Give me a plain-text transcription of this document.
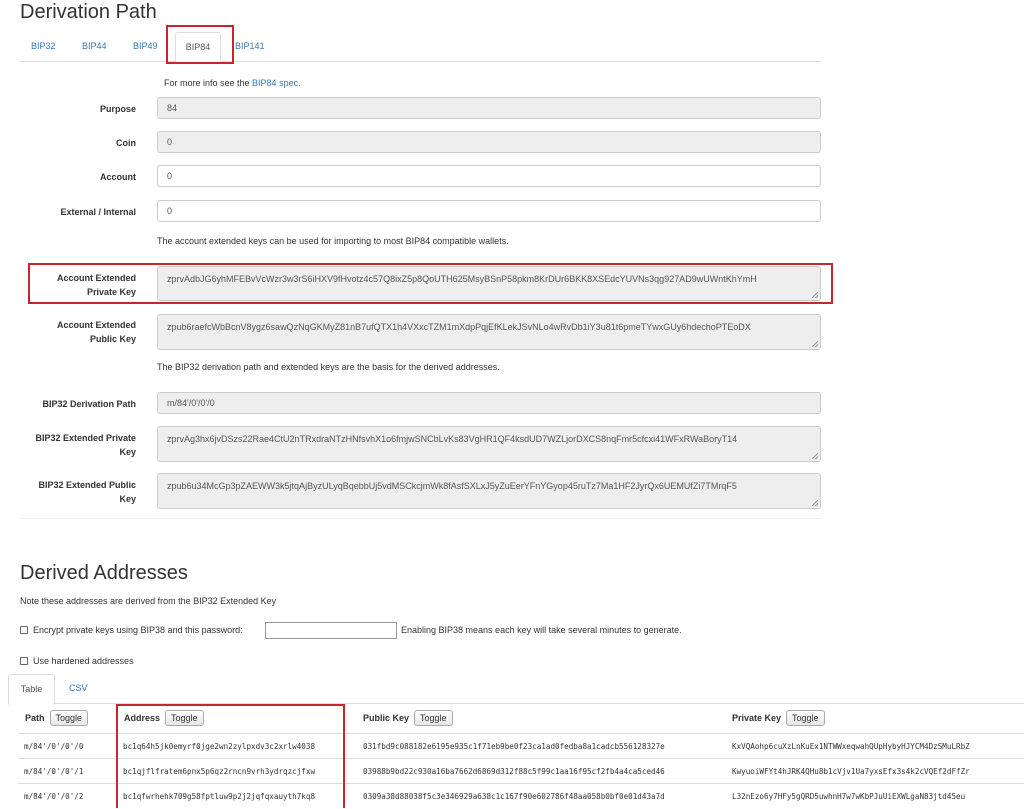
Derivation Path
BIP32	BIP44	BIP49	BIP84	BIP141
For more info see the BIP84 spec.
Purpose	84
Coin	0
Account	0
External / Internal	0
The account extended keys can be used for importing to most BIP84 compatible wallets.
Account Extended
Private Key
zprvAdbJG6yhMFEBvVcWzr3w3rS6iHXV9fHvotz4c57Q8ixZ5p8QoUTH625MsyBSnP58pkm8KrDUr6BKK8XSEdcYUVNs3qg927AD9wUWntKhYmH
Account Extended
Public Key
zpub6raefcWbBcnV8ygz6sawQzNqGKMyZ81nB7ufQTX1h4VXxcTZM1mXdpPqjEfKLekJSvNLo4wRvDb1iY3u81t6pmeTYwxGUy6hdechoPTEoDX
The BIP32 derivation path and extended keys are the basis for the derived addresses.
BIP32 Derivation Path	m/84'/0'/0'/0
BIP32 Extended Private
Key
zprvAg3hx6jvDSzs22Rae4CtU2nTRxdraNTzHNfsvhX1o6fmjwSNCbLvKs83VgHR1QF4ksdUD7WZLjorDXCS8nqFmr5cfcxi41WFxRWaBoryT14
BIP32 Extended Public
Key
zpub6u34McGp3pZAEWW3k5jtqAjByzULyqBqebbUj5vdMSCkcjmWk8fAsfSXLxJ5yZuEerYFnYGyop45ruTz7Ma1HF2JyrQx6UEMUfZi7TMrqF5
Derived Addresses
Note these addresses are derived from the BIP32 Extended Key
Encrypt private keys using BIP38 and this password:	Enabling BIP38 means each key will take several minutes to generate.
Use hardened addresses
Table	CSV
Path	Toggle	Address	Toggle	Public Key	Toggle	Private Key	Toggle
m/84'/0'/0'/0	bc1q64h5jk0emyrf0jge2wn2zylpxdv3c2xrlw4038	031fbd9c088182e6195e935c1f71eb9be0f23ca1ad0fedba8a1cadcb556128327e	KxVQAohp6cuXzLnKuEx1NTWWxeqwahQUpHybyHJYCM4DzSMuLRbZ
m/84'/0'/0'/1	bc1qjflfratem6pnx5p6qz2rncn9vrh3ydrqzcjfxw	03988b9bd22c930a16ba7662d6869d312f88c5f99c1aa16f95cf2fb4a4ca5ced46	KwyuoiWFYt4hJRK4QHu8b1cVjv1Ua7yxsEfx3s4k2cVQEf2dFfZr
m/84'/0'/0'/2	bc1qfwrhehk709g58fptluw9p2j2jqfqxauyth7kq8	0309a38d88038f5c3e346929a638c1c167f90e602786f48aa058b0bf0e01d43a7d	L32nEzo6y7HFy5gQRD5uwhnH7w7wKbPJuUiEXWLgaN83jtd45eu
